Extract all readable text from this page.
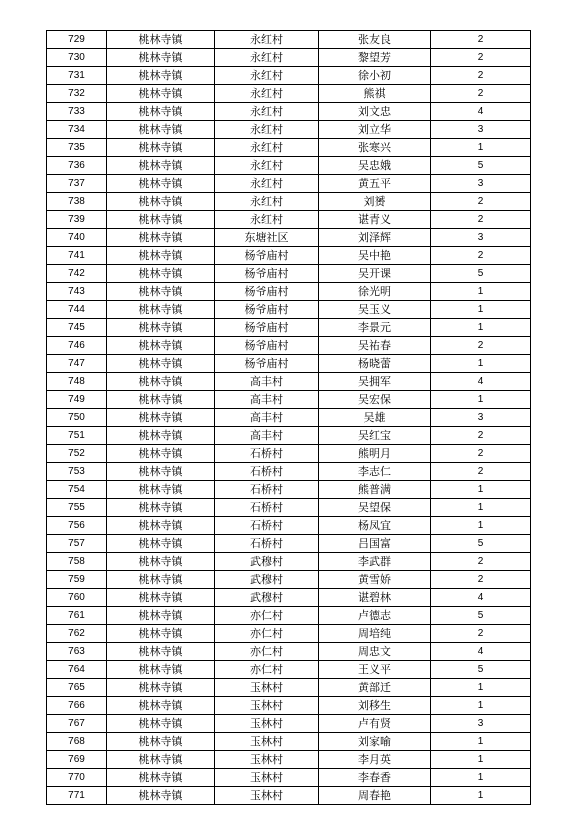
729	桃林寺镇	永红村	张友良	2
730	桃林寺镇	永红村	黎望芳	2
731	桃林寺镇	永红村	徐小初	2
732	桃林寺镇	永红村	熊祺	2
733	桃林寺镇	永红村	刘文忠	4
734	桃林寺镇	永红村	刘立华	3
735	桃林寺镇	永红村	张寒兴	1
736	桃林寺镇	永红村	吴忠娥	5
737	桃林寺镇	永红村	黄五平	3
738	桃林寺镇	永红村	刘赟	2
739	桃林寺镇	永红村	谌青义	2
740	桃林寺镇	东塘社区	刘泽辉	3
741	桃林寺镇	杨爷庙村	吴中艳	2
742	桃林寺镇	杨爷庙村	吴开课	5
743	桃林寺镇	杨爷庙村	徐光明	1
744	桃林寺镇	杨爷庙村	吴玉义	1
745	桃林寺镇	杨爷庙村	李景元	1
746	桃林寺镇	杨爷庙村	吴祐春	2
747	桃林寺镇	杨爷庙村	杨晓蕾	1
748	桃林寺镇	高丰村	吴拥军	4
749	桃林寺镇	高丰村	吴宏保	1
750	桃林寺镇	高丰村	吴雄	3
751	桃林寺镇	高丰村	吴红宝	2
752	桃林寺镇	石桥村	熊明月	2
753	桃林寺镇	石桥村	李志仁	2
754	桃林寺镇	石桥村	熊普满	1
755	桃林寺镇	石桥村	吴望保	1
756	桃林寺镇	石桥村	杨凤宜	1
757	桃林寺镇	石桥村	吕国富	5
758	桃林寺镇	武穆村	李武群	2
759	桃林寺镇	武穆村	黄雪娇	2
760	桃林寺镇	武穆村	谌碧林	4
761	桃林寺镇	亦仁村	卢德志	5
762	桃林寺镇	亦仁村	周培纯	2
763	桃林寺镇	亦仁村	周忠文	4
764	桃林寺镇	亦仁村	王义平	5
765	桃林寺镇	玉林村	黄部迁	1
766	桃林寺镇	玉林村	刘移生	1
767	桃林寺镇	玉林村	卢有贤	3
768	桃林寺镇	玉林村	刘家喻	1
769	桃林寺镇	玉林村	李月英	1
770	桃林寺镇	玉林村	李春香	1
771	桃林寺镇	玉林村	周春艳	1
